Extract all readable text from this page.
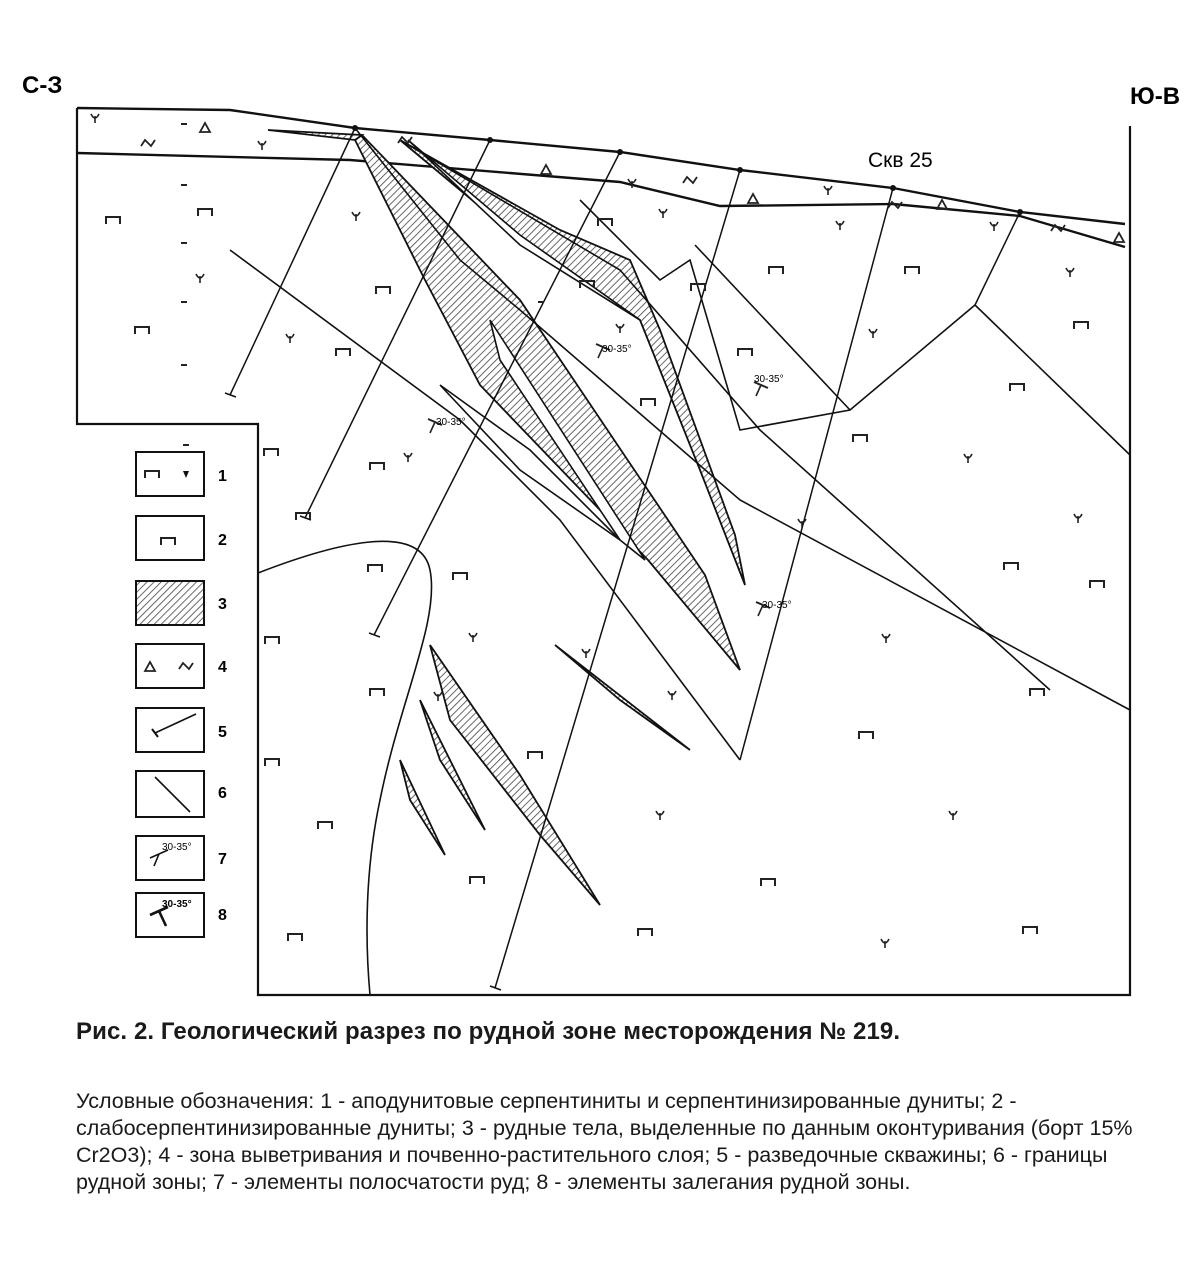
С-З	Ю-В
Скв 25
30-35°
30-35°
30-35°
30-35°
1
2
3
4
5
6
30-35°
7
30-35°
8
Рис. 2. Геологический разрез по рудной зоне месторождения № 219.
Условные обозначения: 1 - аподунитовые серпентиниты и серпентинизированные дуниты; 2 - слабосерпентинизированные дуниты; 3 - рудные тела, выделенные по данным оконтуривания (борт 15% Cr2O3); 4 - зона выветривания и почвенно-растительного слоя; 5 - разведочные скважины; 6 - границы рудной зоны; 7 - элементы полосчатости руд; 8 - элементы залегания рудной зоны.
